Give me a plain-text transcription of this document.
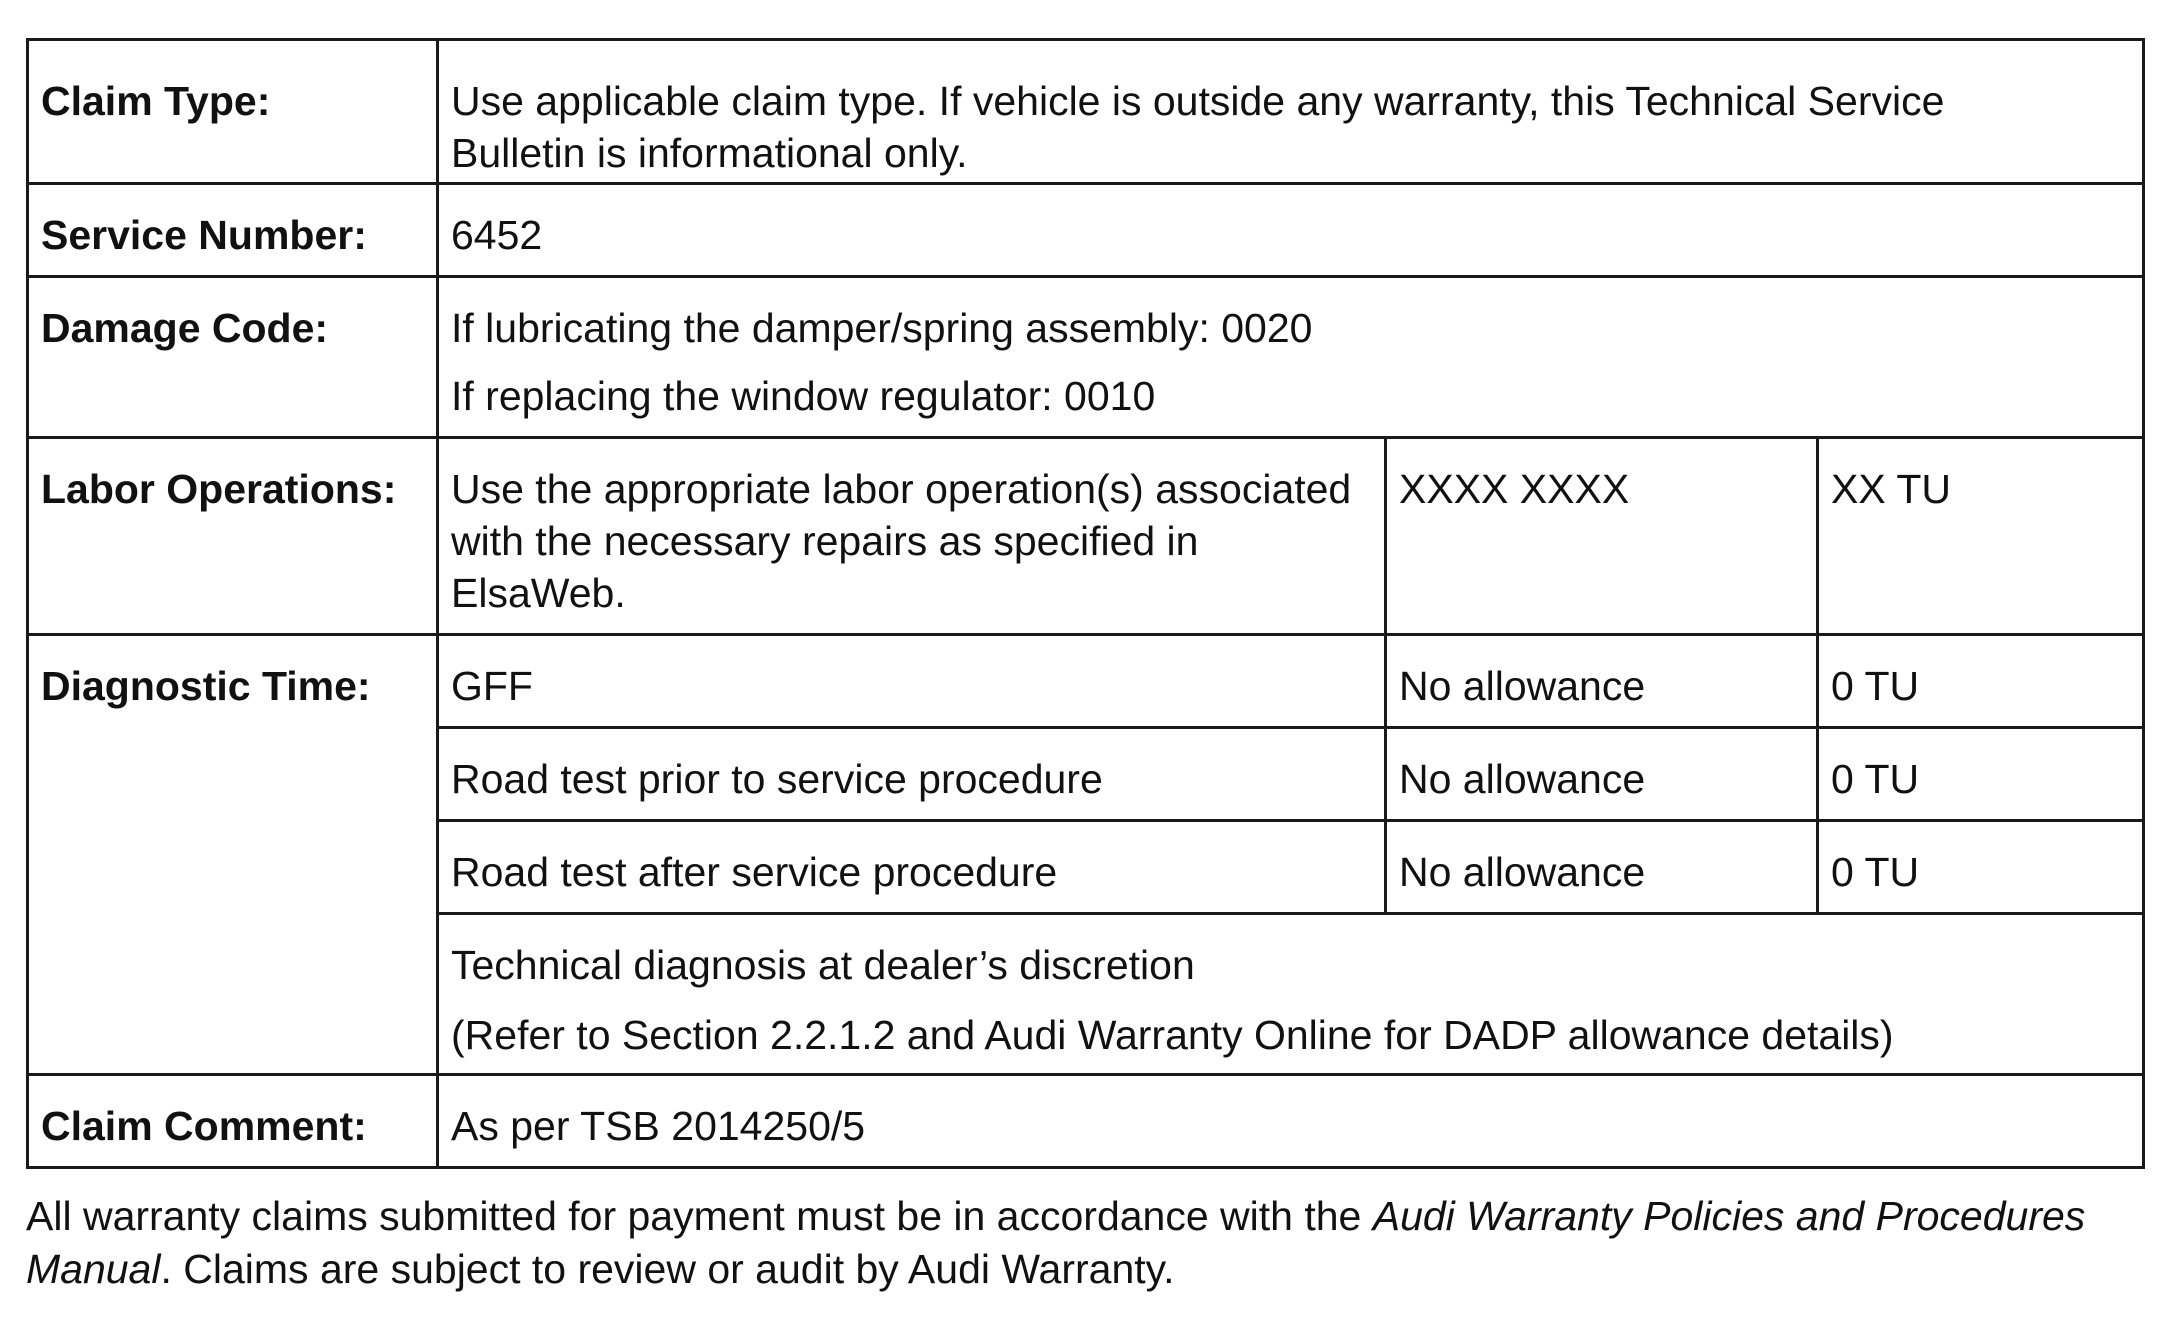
Claim Type:	Use applicable claim type. If vehicle is outside any warranty, this Technical Service
Bulletin is informational only.		

Service Number:	6452		
Damage Code:	If lubricating the damper/spring assembly: 0020
If replacing the window regulator: 0010		

Labor Operations:	Use the appropriate labor operation(s) associated
with the necessary repairs as specified in
ElsaWeb.	XXXX XXXX	XX TU
Diagnostic Time:	GFF	No allowance	0 TU
	Road test prior to service procedure	No allowance	0 TU
	Road test after service procedure	No allowance	0 TU

	Technical diagnosis at dealer’s discretion
(Refer to Section 2.2.1.2 and Audi Warranty Online for DADP allowance details)		

Claim Comment:	As per TSB 2014250/5		

All warranty claims submitted for payment must be in accordance with the Audi Warranty Policies and Procedures
Manual. Claims are subject to review or audit by Audi Warranty.
